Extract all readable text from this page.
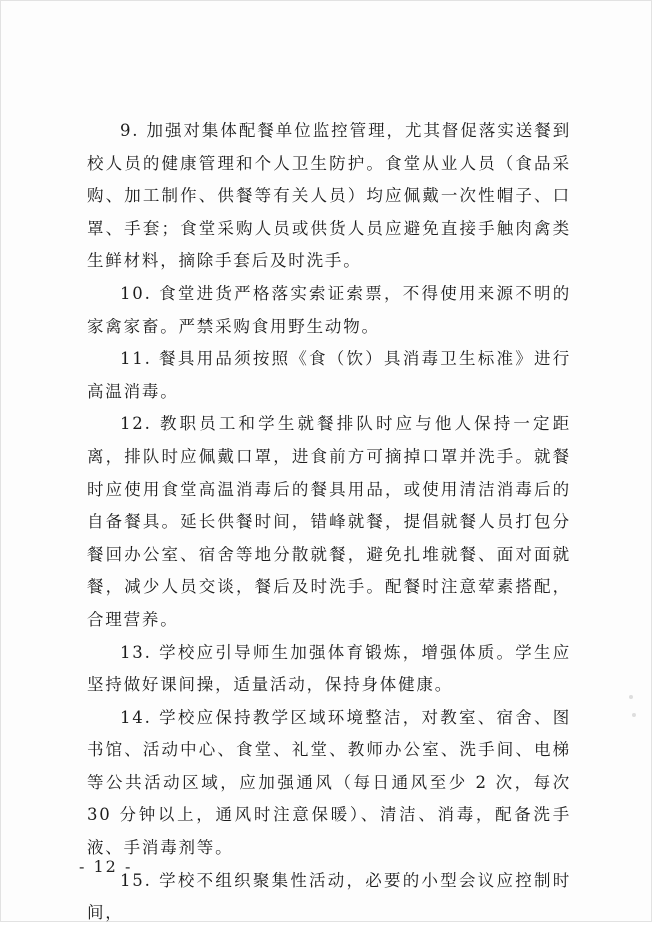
9. 加强对集体配餐单位监控管理，尤其督促落实送餐到校人员的健康管理和个人卫生防护。食堂从业人员（食品采购、加工制作、供餐等有关人员）均应佩戴一次性帽子、口罩、手套；食堂采购人员或供货人员应避免直接手触肉禽类生鲜材料，摘除手套后及时洗手。

10. 食堂进货严格落实索证索票，不得使用来源不明的家禽家畜。严禁采购食用野生动物。

11. 餐具用品须按照《食（饮）具消毒卫生标准》进行高温消毒。

12. 教职员工和学生就餐排队时应与他人保持一定距离，排队时应佩戴口罩，进食前方可摘掉口罩并洗手。就餐时应使用食堂高温消毒后的餐具用品，或使用清洁消毒后的自备餐具。延长供餐时间，错峰就餐，提倡就餐人员打包分餐回办公室、宿舍等地分散就餐，避免扎堆就餐、面对面就餐，减少人员交谈，餐后及时洗手。配餐时注意荤素搭配，合理营养。

13. 学校应引导师生加强体育锻炼，增强体质。学生应坚持做好课间操，适量活动，保持身体健康。

14. 学校应保持教学区域环境整洁，对教室、宿舍、图书馆、活动中心、食堂、礼堂、教师办公室、洗手间、电梯等公共活动区域，应加强通风（每日通风至少 2 次，每次 30 分钟以上，通风时注意保暖）、清洁、消毒，配备洗手液、手消毒剂等。

15. 学校不组织聚集性活动，必要的小型会议应控制时间，

- 12 -
